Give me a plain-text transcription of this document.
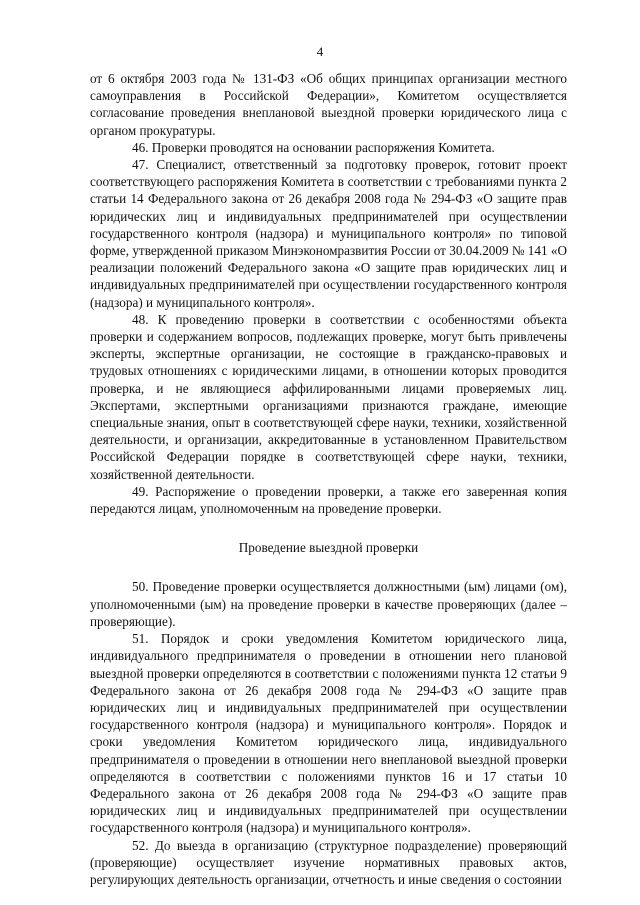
4

от 6 октября 2003 года № 131-ФЗ «Об общих принципах организации местного самоуправления в Российской Федерации», Комитетом осуществляется согласование проведения внеплановой выездной проверки юридического лица с органом прокуратуры.

46. Проверки проводятся на основании распоряжения Комитета.

47. Специалист, ответственный за подготовку проверок, готовит проект соответствующего распоряжения Комитета в соответствии с требованиями пункта 2 статьи 14 Федерального закона от 26 декабря 2008 года № 294-ФЗ «О защите прав юридических лиц и индивидуальных предпринимателей при осуществлении государственного контроля (надзора) и муниципального контроля» по типовой форме, утвержденной приказом Минэкономразвития России от 30.04.2009 № 141 «О реализации положений Федерального закона «О защите прав юридических лиц и индивидуальных предпринимателей при осуществлении государственного контроля (надзора) и муниципального контроля».

48. К проведению проверки в соответствии с особенностями объекта проверки и содержанием вопросов, подлежащих проверке, могут быть привлечены эксперты, экспертные организации, не состоящие в гражданско-правовых и трудовых отношениях с юридическими лицами, в отношении которых проводится проверка, и не являющиеся аффилированными лицами проверяемых лиц. Экспертами, экспертными организациями признаются граждане, имеющие специальные знания, опыт в соответствующей сфере науки, техники, хозяйственной деятельности, и организации, аккредитованные в установленном Правительством Российской Федерации порядке в соответствующей сфере науки, техники, хозяйственной деятельности.

49. Распоряжение о проведении проверки, а также его заверенная копия передаются лицам, уполномоченным на проведение проверки.

Проведение выездной проверки

50. Проведение проверки осуществляется должностными (ым) лицами (ом), уполномоченными (ым) на проведение проверки в качестве проверяющих (далее – проверяющие).

51. Порядок и сроки уведомления Комитетом юридического лица, индивидуального предпринимателя о проведении в отношении него плановой выездной проверки определяются в соответствии с положениями пункта 12 статьи 9 Федерального закона от 26 декабря 2008 года № 294-ФЗ «О защите прав юридических лиц и индивидуальных предпринимателей при осуществлении государственного контроля (надзора) и муниципального контроля». Порядок и сроки уведомления Комитетом юридического лица, индивидуального предпринимателя о проведении в отношении него внеплановой выездной проверки определяются в соответствии с положениями пунктов 16 и 17 статьи 10 Федерального закона от 26 декабря 2008 года № 294-ФЗ «О защите прав юридических лиц и индивидуальных предпринимателей при осуществлении государственного контроля (надзора) и муниципального контроля».

52. До выезда в организацию (структурное подразделение) проверяющий (проверяющие) осуществляет изучение нормативных правовых актов, регулирующих деятельность организации, отчетность и иные сведения о состоянии
